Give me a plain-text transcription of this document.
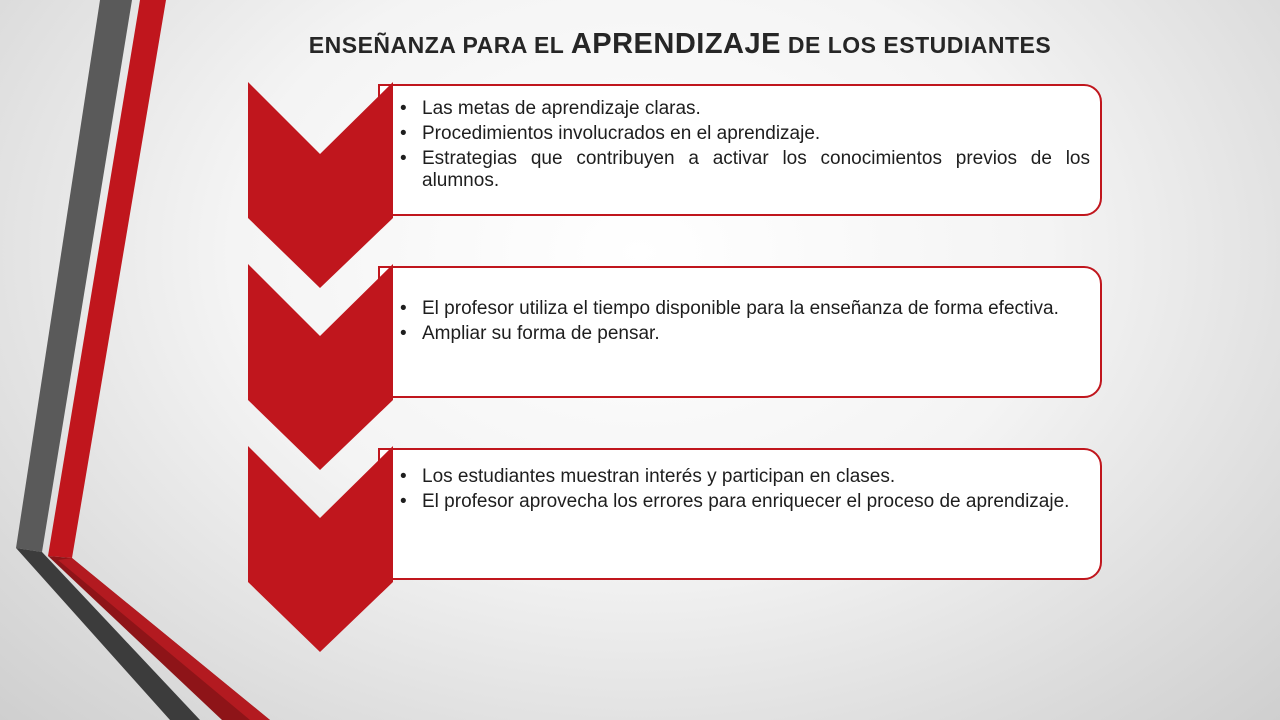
ENSEÑANZA PARA EL APRENDIZAJE DE LOS ESTUDIANTES
• Las metas de aprendizaje claras.
• Procedimientos involucrados en el aprendizaje.
• Estrategias que contribuyen a activar los conocimientos previos de los alumnos.
• El profesor utiliza el tiempo disponible para la enseñanza de forma efectiva.
• Ampliar su forma de pensar.
• Los estudiantes muestran interés y participan en clases.
• El profesor aprovecha los errores para enriquecer el proceso de aprendizaje.
